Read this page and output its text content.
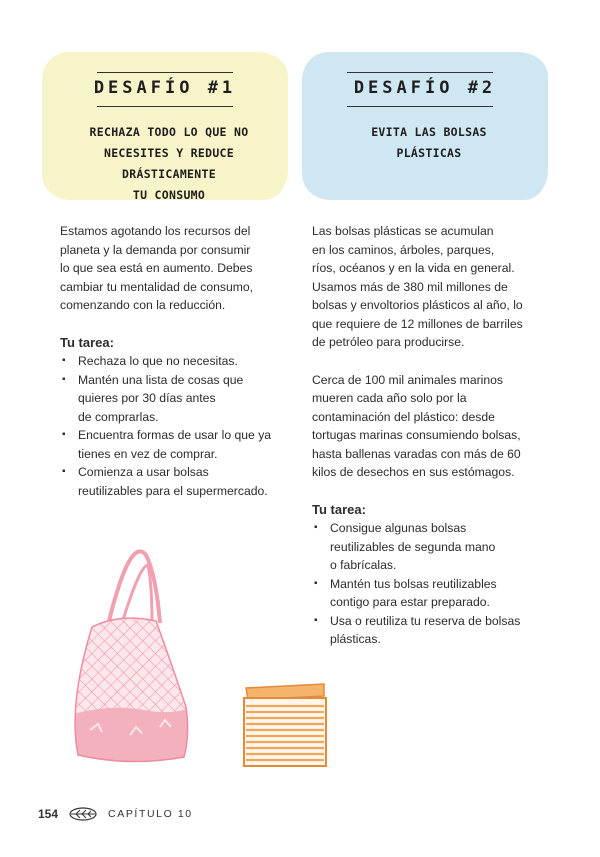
DESAFÍO #1
RECHAZA TODO LO QUE NO
NECESITES Y REDUCE DRÁSTICAMENTE
TU CONSUMO
DESAFÍO #2
EVITA LAS BOLSAS
PLÁSTICAS

Estamos agotando los recursos del
planeta y la demanda por consumir
lo que sea está en aumento. Debes
cambiar tu mentalidad de consumo,
comenzando con la reducción.

Tu tarea:
▪ Rechaza lo que no necesitas.
▪ Mantén una lista de cosas que
quieres por 30 días antes
de comprarlas.
▪ Encuentra formas de usar lo que ya
tienes en vez de comprar.
▪ Comienza a usar bolsas
reutilizables para el supermercado.

Las bolsas plásticas se acumulan
en los caminos, árboles, parques,
ríos, océanos y en la vida en general.
Usamos más de 380 mil millones de
bolsas y envoltorios plásticos al año, lo
que requiere de 12 millones de barriles
de petróleo para producirse.

Cerca de 100 mil animales marinos
mueren cada año solo por la
contaminación del plástico: desde
tortugas marinas consumiendo bolsas,
hasta ballenas varadas con más de 60
kilos de desechos en sus estómagos.

Tu tarea:
▪ Consigue algunas bolsas
reutilizables de segunda mano
o fabrícalas.
▪ Mantén tus bolsas reutilizables
contigo para estar preparado.
▪ Usa o reutiliza tu reserva de bolsas
plásticas.
154	CAPÍTULO 10
